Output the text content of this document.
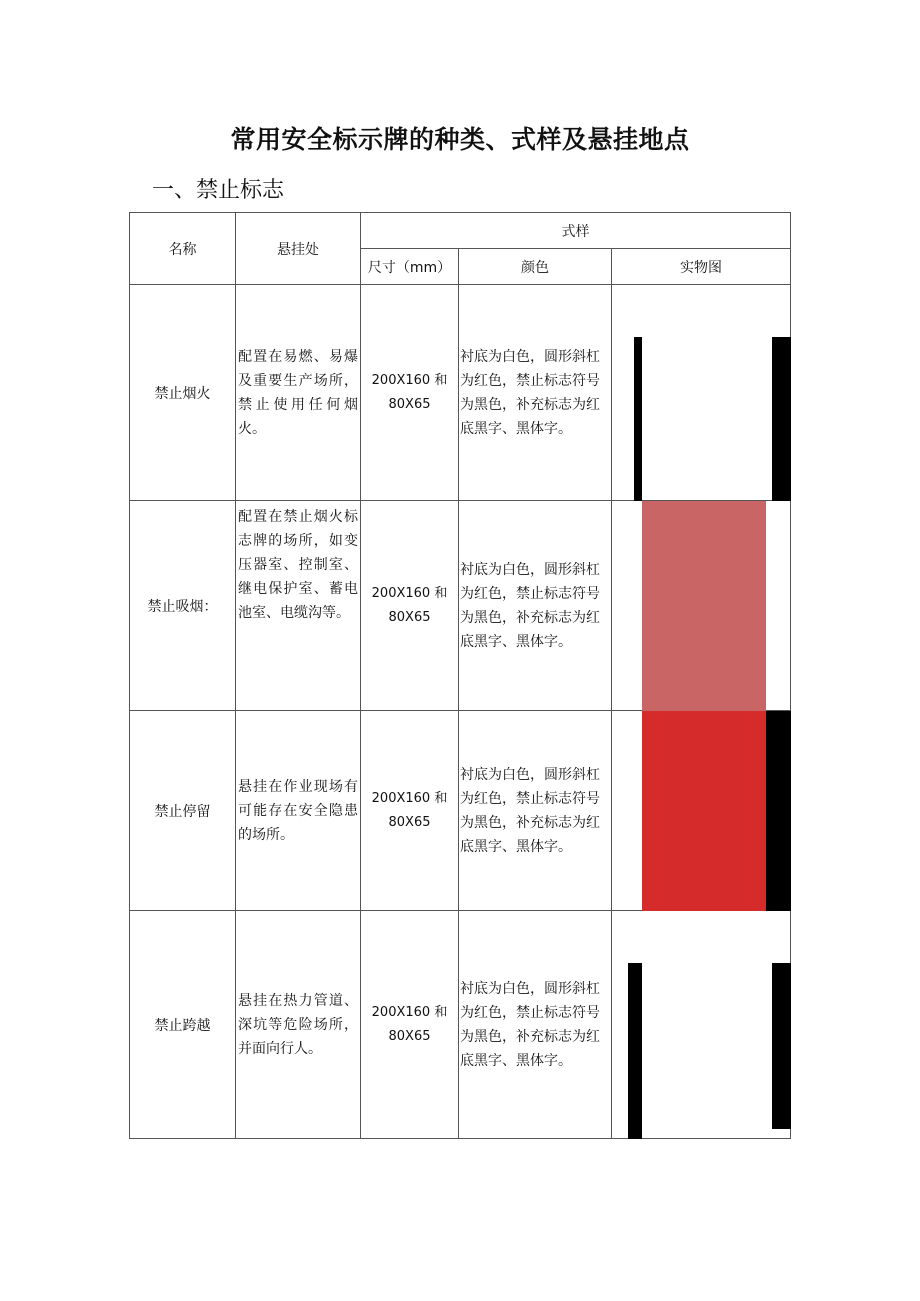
常用安全标示牌的种类、式样及悬挂地点
一、禁止标志
名称	悬挂处	式样		
		尺寸（mm）	颜色	实物图
禁止烟火	配置在易燃、易爆及重要生产场所，禁止使用任何烟火。	200X160 和 80X65	衬底为白色，圆形斜杠为红色，禁止标志符号为黑色，补充标志为红底黑字、黑体字。	

禁止吸烟：	配置在禁止烟火标志牌的场所，如变压器室、控制室、继电保护室、蓄电池室、电缆沟等。	200X160 和 80X65	衬底为白色，圆形斜杠为红色，禁止标志符号为黑色，补充标志为红底黑字、黑体字。	

禁止停留	悬挂在作业现场有可能存在安全隐患的场所。	200X160 和 80X65	衬底为白色，圆形斜杠为红色，禁止标志符号为黑色，补充标志为红底黑字、黑体字。	

禁止跨越	悬挂在热力管道、深坑等危险场所，并面向行人。	200X160 和 80X65	衬底为白色，圆形斜杠为红色，禁止标志符号为黑色，补充标志为红底黑字、黑体字。	
